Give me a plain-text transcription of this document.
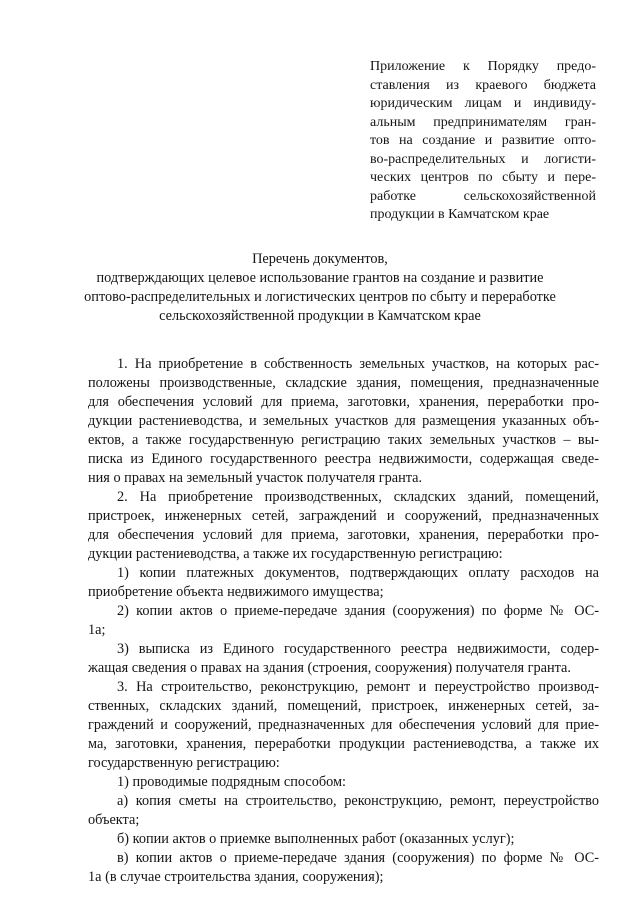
Приложение к Порядку предо-
ставления из краевого бюджета
юридическим лицам и индивиду-
альным предпринимателям гран-
тов на создание и развитие опто-
во-распределительных и логисти-
ческих центров по сбыту и пере-
работке сельскохозяйственной
продукции в Камчатском крае
Перечень документов,
подтверждающих целевое использование грантов на создание и развитие
оптово-распределительных и логистических центров по сбыту и переработке
сельскохозяйственной продукции в Камчатском крае
1. На приобретение в собственность земельных участков, на которых рас-
положены производственные, складские здания, помещения, предназначенные
для обеспечения условий для приема, заготовки, хранения, переработки про-
дукции растениеводства, и земельных участков для размещения указанных объ-
ектов, а также государственную регистрацию таких земельных участков – вы-
писка из Единого государственного реестра недвижимости, содержащая сведе-
ния о правах на земельный участок получателя гранта.
2. На приобретение производственных, складских зданий, помещений,
пристроек, инженерных сетей, заграждений и сооружений, предназначенных
для обеспечения условий для приема, заготовки, хранения, переработки про-
дукции растениеводства, а также их государственную регистрацию:
1) копии платежных документов, подтверждающих оплату расходов на
приобретение объекта недвижимого имущества;
2) копии актов о приеме-передаче здания (сооружения) по форме № ОС-
1а;
3) выписка из Единого государственного реестра недвижимости, содер-
жащая сведения о правах на здания (строения, сооружения) получателя гранта.
3. На строительство, реконструкцию, ремонт и переустройство производ-
ственных, складских зданий, помещений, пристроек, инженерных сетей, за-
граждений и сооружений, предназначенных для обеспечения условий для прие-
ма, заготовки, хранения, переработки продукции растениеводства, а также их
государственную регистрацию:
1) проводимые подрядным способом:
а) копия сметы на строительство, реконструкцию, ремонт, переустройство
объекта;
б) копии актов о приемке выполненных работ (оказанных услуг);
в) копии актов о приеме-передаче здания (сооружения) по форме № ОС-
1а (в случае строительства здания, сооружения);
